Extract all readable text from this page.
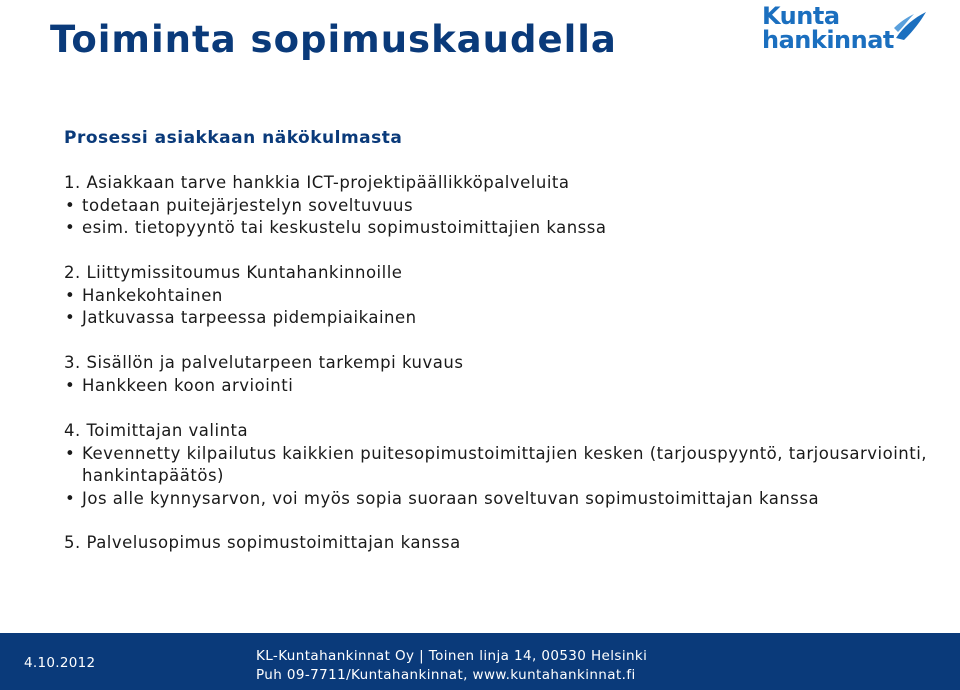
Toiminta sopimuskaudella
Kunta
hankinnat
Prosessi asiakkaan näkökulmasta
1. Asiakkaan tarve hankkia ICT-projektipäällikköpalveluita
• todetaan puitejärjestelyn soveltuvuus
• esim. tietopyyntö tai keskustelu sopimustoimittajien kanssa
2. Liittymissitoumus Kuntahankinnoille
• Hankekohtainen
• Jatkuvassa tarpeessa pidempiaikainen
3. Sisällön ja palvelutarpeen tarkempi kuvaus
• Hankkeen koon arviointi
4. Toimittajan valinta
• Kevennetty kilpailutus kaikkien puitesopimustoimittajien kesken (tarjouspyyntö, tarjousarviointi, hankintapäätös)
• Jos alle kynnysarvon, voi myös sopia suoraan soveltuvan sopimustoimittajan kanssa
5. Palvelusopimus sopimustoimittajan kanssa
4.10.2012	KL-Kuntahankinnat Oy | Toinen linja 14, 00530 Helsinki
Puh 09-7711/Kuntahankinnat, www.kuntahankinnat.fi
